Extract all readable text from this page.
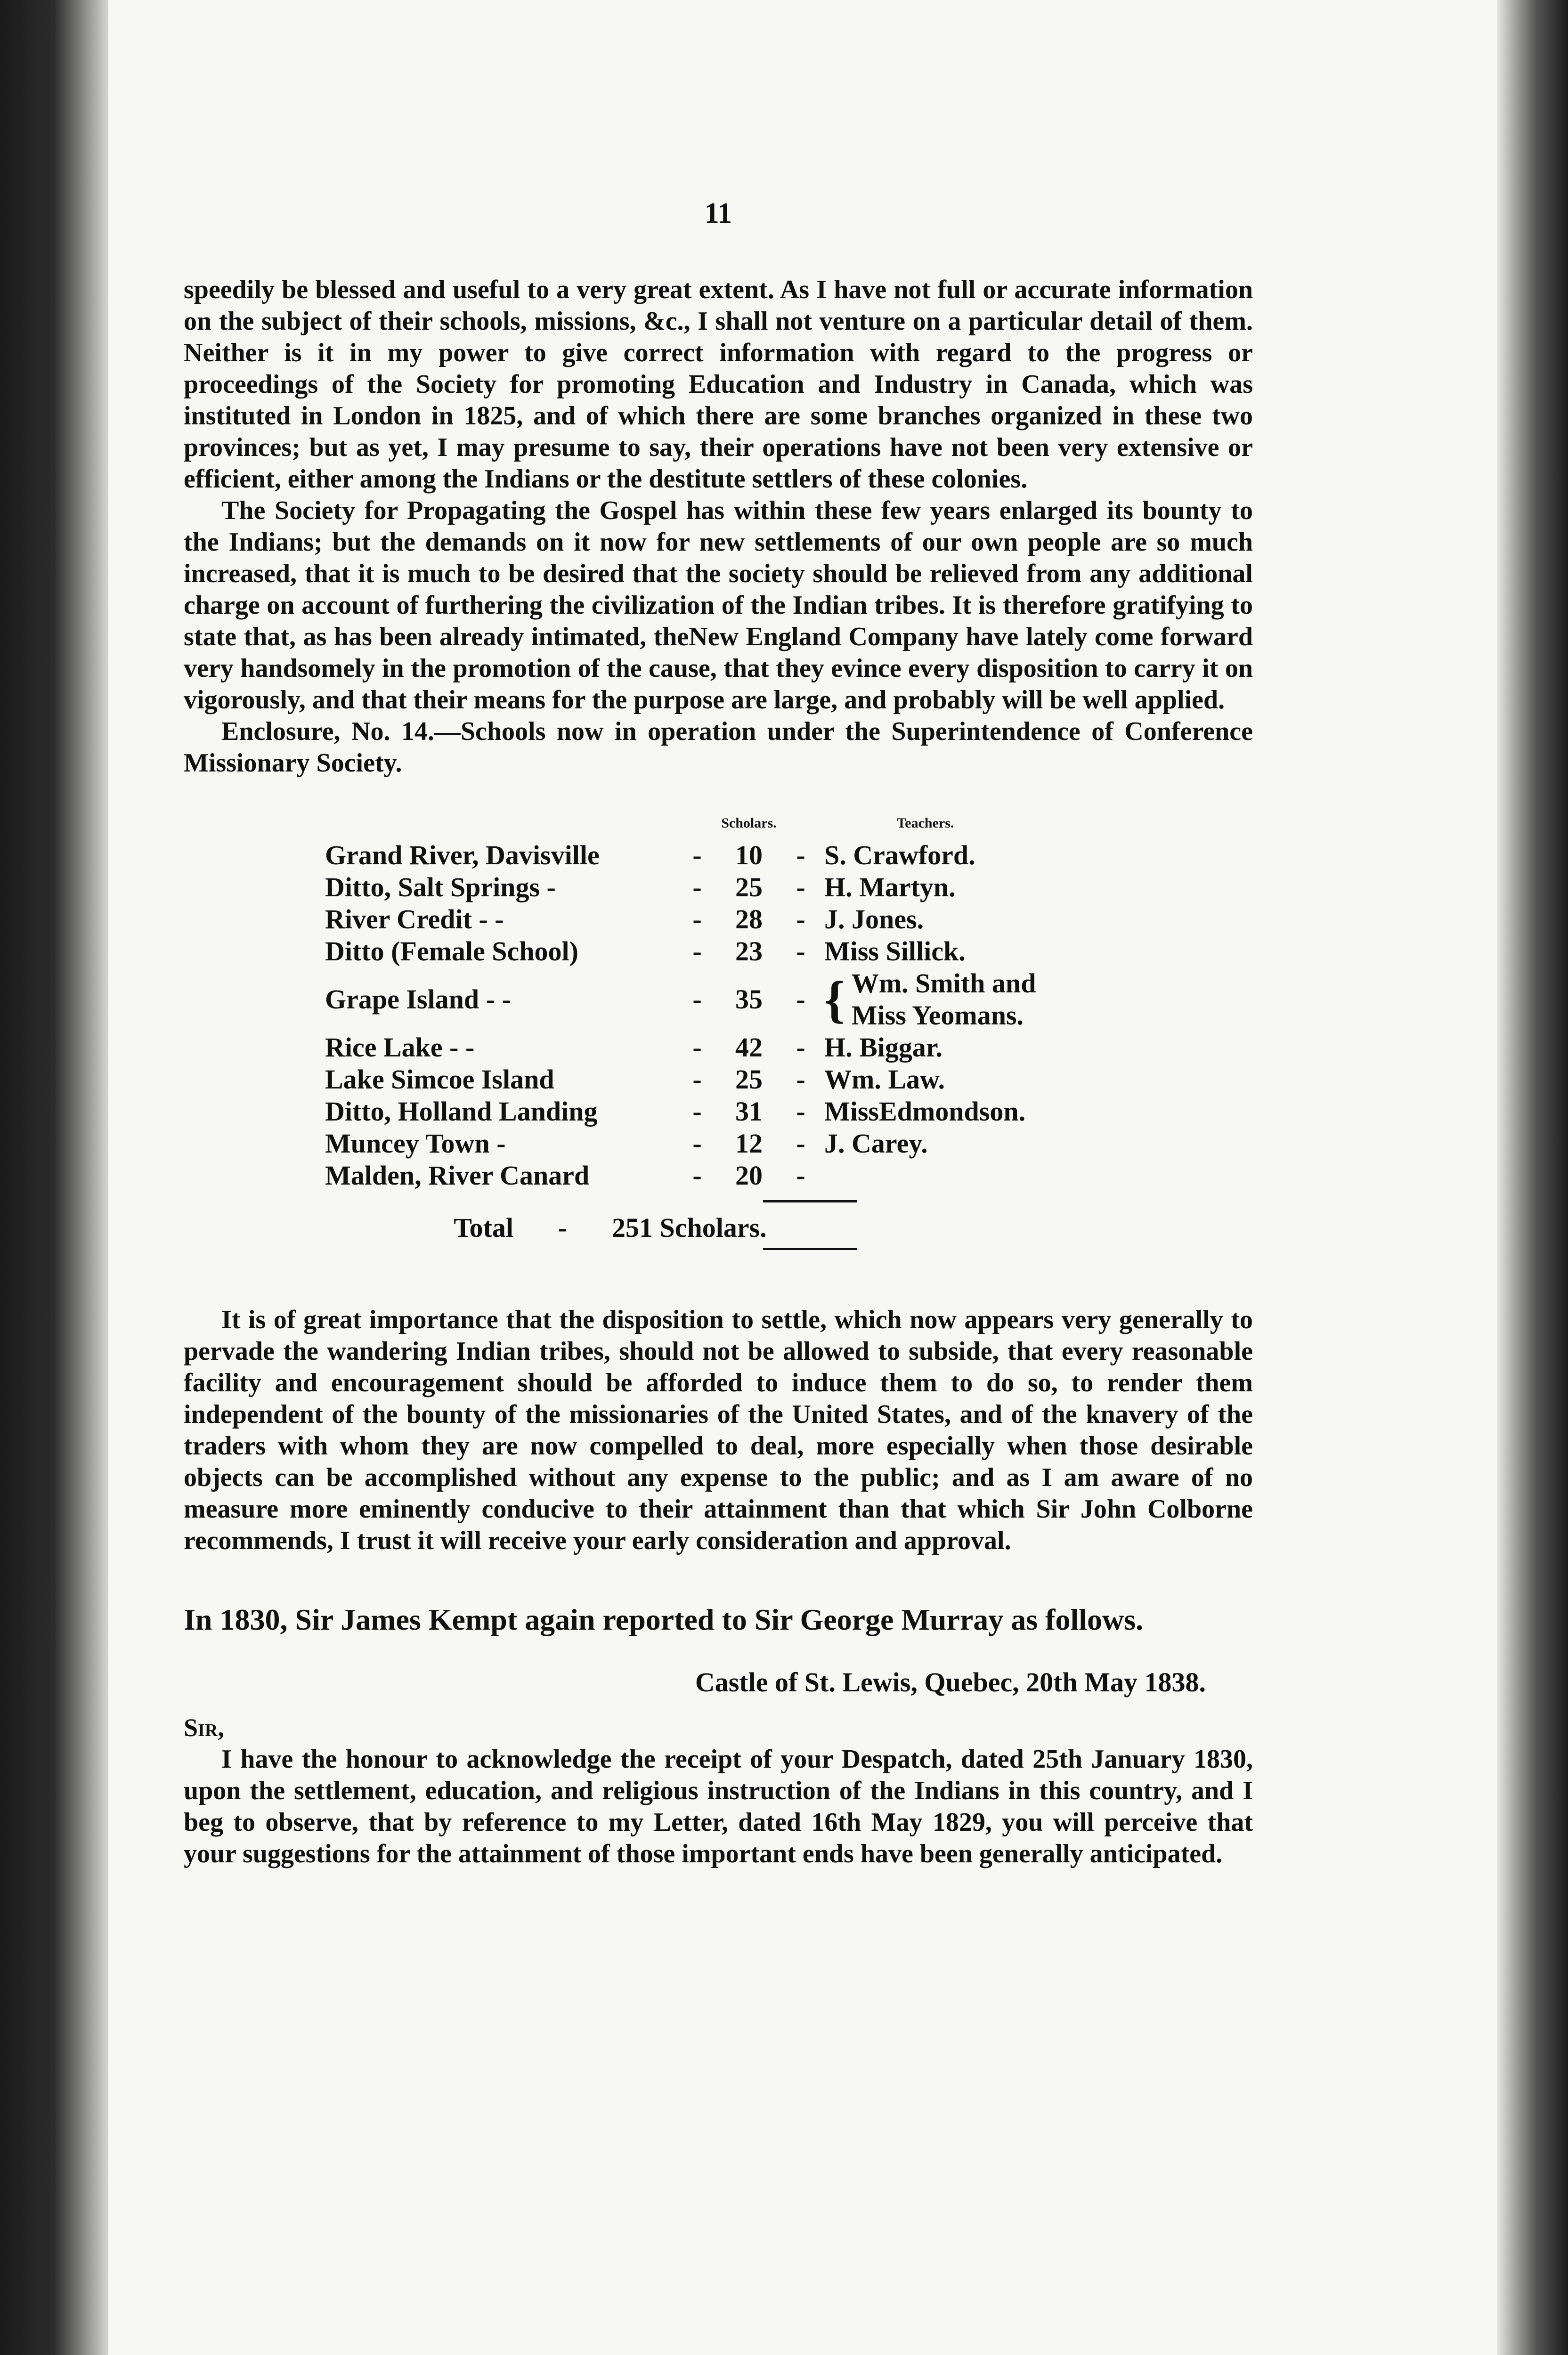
11

speedily be blessed and useful to a very great extent. As I have not full or accurate information on the subject of their schools, missions, &c., I shall not venture on a particular detail of them. Neither is it in my power to give correct information with regard to the progress or proceedings of the Society for promoting Education and Industry in Canada, which was instituted in London in 1825, and of which there are some branches organized in these two provinces; but as yet, I may presume to say, their operations have not been very extensive or efficient, either among the Indians or the destitute settlers of these colonies.

The Society for Propagating the Gospel has within these few years enlarged its bounty to the Indians; but the demands on it now for new settlements of our own people are so much increased, that it is much to be desired that the society should be relieved from any additional charge on account of furthering the civilization of the Indian tribes. It is therefore gratifying to state that, as has been already intimated, theNew England Company have lately come forward very handsomely in the promotion of the cause, that they evince every disposition to carry it on vigorously, and that their means for the purpose are large, and probably will be well applied.

Enclosure, No. 14.—Schools now in operation under the Superintendence of Conference Missionary Society.

		Scholars.		Teachers.
Grand River, Davisville	-	10	-	S. Crawford.
Ditto, Salt Springs -	-	25	-	H. Martyn.
River Credit - -	-	28	-	J. Jones.
Ditto (Female School)	-	23	-	Miss Sillick.
Grape Island - -	-	35	-	{ Wm. Smith and
Miss Yeomans.

Rice Lake - -	-	42	-	H. Biggar.
Lake Simcoe Island	-	25	-	Wm. Law.
Ditto, Holland Landing	-	31	-	MissEdmondson.
Muncey Town -	-	12	-	J. Carey.
Malden, River Canard	-	20	-	
Total - 251 Scholars.

It is of great importance that the disposition to settle, which now appears very generally to pervade the wandering Indian tribes, should not be allowed to subside, that every reasonable facility and encouragement should be afforded to induce them to do so, to render them independent of the bounty of the missionaries of the United States, and of the knavery of the traders with whom they are now compelled to deal, more especially when those desirable objects can be accomplished without any expense to the public; and as I am aware of no measure more eminently conducive to their attainment than that which Sir John Colborne recommends, I trust it will receive your early consideration and approval.

In 1830, Sir James Kempt again reported to Sir George Murray as follows.
Castle of St. Lewis, Quebec, 20th May 1838.
Sir,

I have the honour to acknowledge the receipt of your Despatch, dated 25th January 1830, upon the settlement, education, and religious instruction of the Indians in this country, and I beg to observe, that by reference to my Letter, dated 16th May 1829, you will perceive that your suggestions for the attainment of those important ends have been generally anticipated.
